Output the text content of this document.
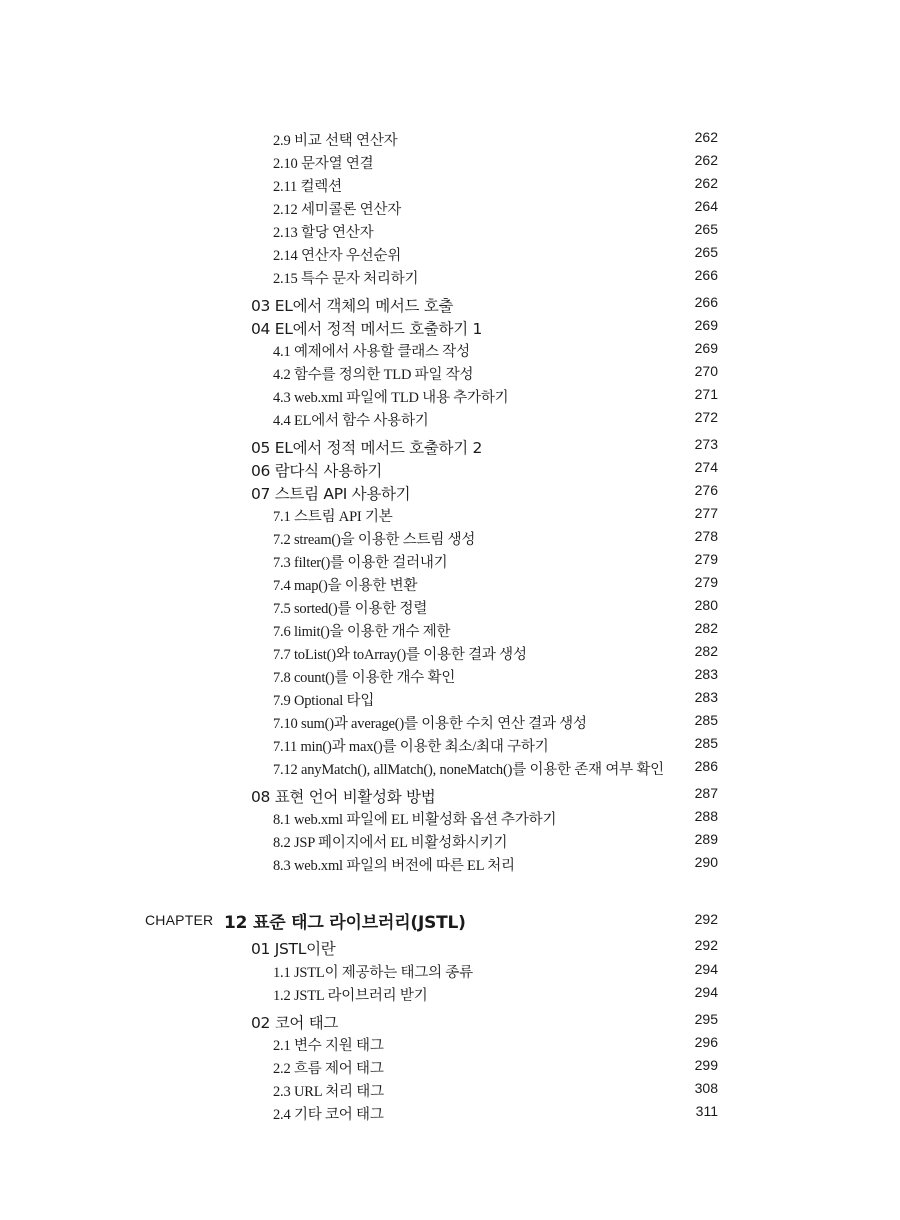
2.9 비교 선택 연산자	262
2.10 문자열 연결	262
2.11 컬렉션	262
2.12 세미콜론 연산자	264
2.13 할당 연산자	265
2.14 연산자 우선순위	265
2.15 특수 문자 처리하기	266
03 EL에서 객체의 메서드 호출	266
04 EL에서 정적 메서드 호출하기 1	269
4.1 예제에서 사용할 클래스 작성	269
4.2 함수를 정의한 TLD 파일 작성	270
4.3 web.xml 파일에 TLD 내용 추가하기	271
4.4 EL에서 함수 사용하기	272
05 EL에서 정적 메서드 호출하기 2	273
06 람다식 사용하기	274
07 스트림 API 사용하기	276
7.1 스트림 API 기본	277
7.2 stream()을 이용한 스트림 생성	278
7.3 filter()를 이용한 걸러내기	279
7.4 map()을 이용한 변환	279
7.5 sorted()를 이용한 정렬	280
7.6 limit()을 이용한 개수 제한	282
7.7 toList()와 toArray()를 이용한 결과 생성	282
7.8 count()를 이용한 개수 확인	283
7.9 Optional 타입	283
7.10 sum()과 average()를 이용한 수치 연산 결과 생성	285
7.11 min()과 max()를 이용한 최소/최대 구하기	285
7.12 anyMatch(), allMatch(), noneMatch()를 이용한 존재 여부 확인 286
08 표현 언어 비활성화 방법	287
8.1 web.xml 파일에 EL 비활성화 옵션 추가하기	288
8.2 JSP 페이지에서 EL 비활성화시키기	289
8.3 web.xml 파일의 버전에 따른 EL 처리	290
CHAPTER 12 표준 태그 라이브러리(JSTL)	292
01 JSTL이란	292
1.1 JSTL이 제공하는 태그의 종류	294
1.2 JSTL 라이브러리 받기	294
02 코어 태그	295
2.1 변수 지원 태그	296
2.2 흐름 제어 태그	299
2.3 URL 처리 태그	308
2.4 기타 코어 태그	311
